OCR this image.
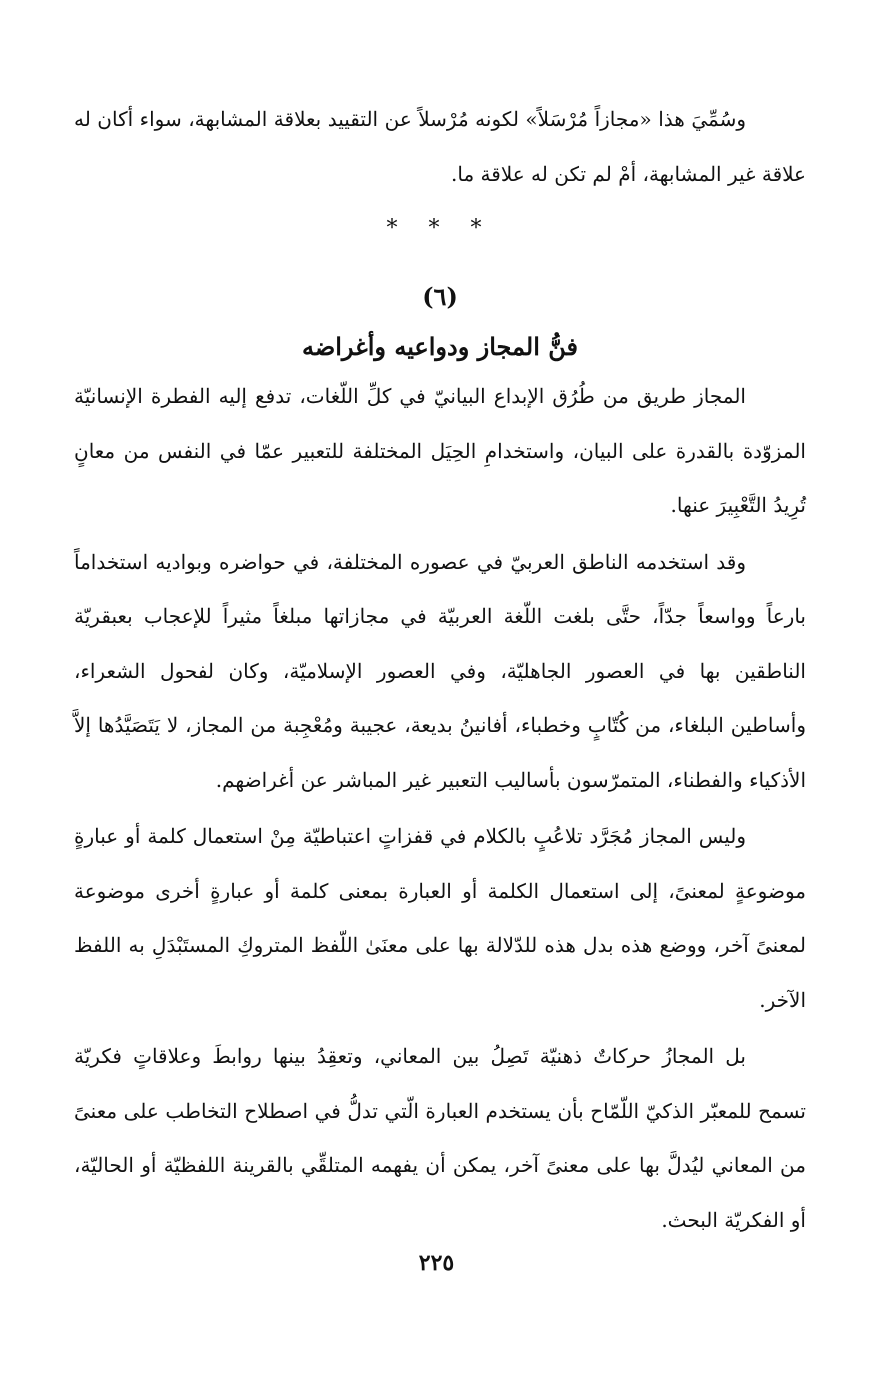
وسُمِّيَ هذا «مجازاً مُرْسَلاً» لكونه مُرْسلاً عن التقييد بعلاقة المشابهة، سواء أكان له علاقة غير المشابهة، أمْ لم تكن له علاقة ما.

* * *
(٦)
فنُّ المجاز ودواعيه وأغراضه

المجاز طريق من طُرُق الإبداع البيانيّ في كلِّ اللّغات، تدفع إليه الفطرة الإنسانيّة المزوّدة بالقدرة على البيان، واستخدامِ الحِيَل المختلفة للتعبير عمّا في النفس من معانٍ تُرِيدُ التَّعْبِيرَ عنها.

وقد استخدمه الناطق العربيّ في عصوره المختلفة، في حواضره وبواديه استخداماً بارعاً وواسعاً جدّاً، حتَّى بلغت اللّغة العربيّة في مجازاتها مبلغاً مثيراً للإعجاب بعبقريّة الناطقين بها في العصور الجاهليّة، وفي العصور الإسلاميّة، وكان لفحول الشعراء، وأساطين البلغاء، من كُتّابٍ وخطباء، أفانينُ بديعة، عجيبة ومُعْجِبة من المجاز، لا يَتَصَيَّدُها إلاَّ الأذكياء والفطناء، المتمرّسون بأساليب التعبير غير المباشر عن أغراضهم.

وليس المجاز مُجَرَّد تلاعُبٍ بالكلام في قفزاتٍ اعتباطيّة مِنْ استعمال كلمة أو عبارةٍ موضوعةٍ لمعنىً، إلى استعمال الكلمة أو العبارة بمعنى كلمة أو عبارةٍ أخرى موضوعة لمعنىً آخر، ووضع هذه بدل هذه للدّلالة بها على معنَىٰ اللّفظ المتروكِ المستَبْدَلِ به اللفظ الآخر.

بل المجازُ حركاتٌ ذهنيّة تَصِلُ بين المعاني، وتعقِدُ بينها روابطَ وعلاقاتٍ فكريّة تسمح للمعبّر الذكيّ اللّمّاح بأن يستخدم العبارة الّتي تدلُّ في اصطلاح التخاطب على معنىً من المعاني ليُدلَّ بها على معنىً آخر، يمكن أن يفهمه المتلقِّي بالقرينة اللفظيّة أو الحاليّة، أو الفكريّة البحث.

٢٢٥
